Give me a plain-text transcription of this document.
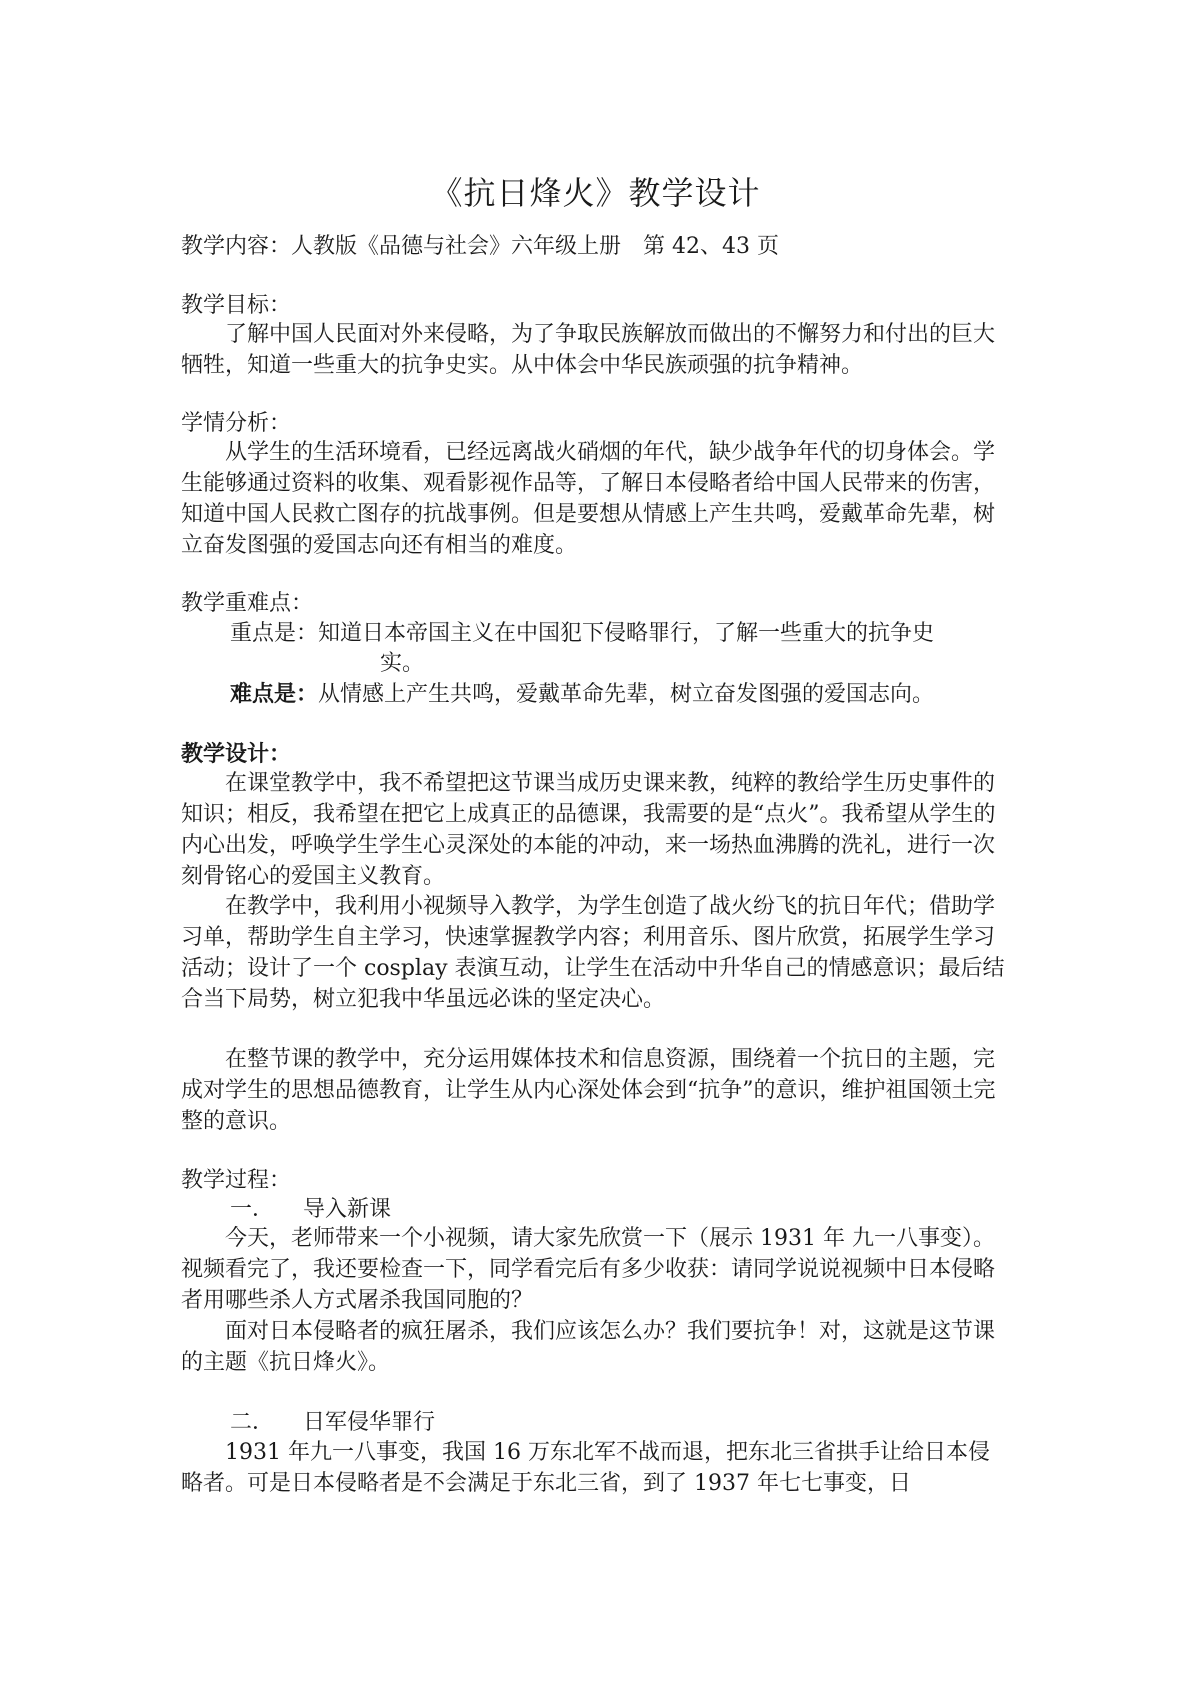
《抗日烽火》教学设计

教学内容：人教版《品德与社会》六年级上册　第 42、43 页

教学目标：

了解中国人民面对外来侵略，为了争取民族解放而做出的不懈努力和付出的巨大牺牲，知道一些重大的抗争史实。从中体会中华民族顽强的抗争精神。

学情分析：

从学生的生活环境看，已经远离战火硝烟的年代，缺少战争年代的切身体会。学生能够通过资料的收集、观看影视作品等，了解日本侵略者给中国人民带来的伤害，知道中国人民救亡图存的抗战事例。但是要想从情感上产生共鸣，爱戴革命先辈，树立奋发图强的爱国志向还有相当的难度。

教学重难点：
重点是： 知道日本帝国主义在中国犯下侵略罪行，了解一些重大的抗争史
实。
难点是： 从情感上产生共鸣，爱戴革命先辈，树立奋发图强的爱国志向。
教学设计：

在课堂教学中，我不希望把这节课当成历史课来教，纯粹的教给学生历史事件的知识；相反，我希望在把它上成真正的品德课，我需要的是“点火”。我希望从学生的内心出发，呼唤学生学生心灵深处的本能的冲动，来一场热血沸腾的洗礼，进行一次刻骨铭心的爱国主义教育。

在教学中，我利用小视频导入教学，为学生创造了战火纷飞的抗日年代；借助学习单，帮助学生自主学习，快速掌握教学内容；利用音乐、图片欣赏，拓展学生学习活动；设计了一个 cosplay 表演互动，让学生在活动中升华自己的情感意识；最后结合当下局势，树立犯我中华虽远必诛的坚定决心。

在整节课的教学中，充分运用媒体技术和信息资源，围绕着一个抗日的主题，完成对学生的思想品德教育，让学生从内心深处体会到“抗争”的意识，维护祖国领土完整的意识。

教学过程：
一． 导入新课

今天，老师带来一个小视频，请大家先欣赏一下（展示 1931 年 九一八事变）。视频看完了，我还要检查一下，同学看完后有多少收获：请同学说说视频中日本侵略者用哪些杀人方式屠杀我国同胞的？

面对日本侵略者的疯狂屠杀，我们应该怎么办？我们要抗争！对，这就是这节课的主题《抗日烽火》。

二． 日军侵华罪行

1931 年九一八事变，我国 16 万东北军不战而退，把东北三省拱手让给日本侵略者。可是日本侵略者是不会满足于东北三省，到了 1937 年七七事变，日
